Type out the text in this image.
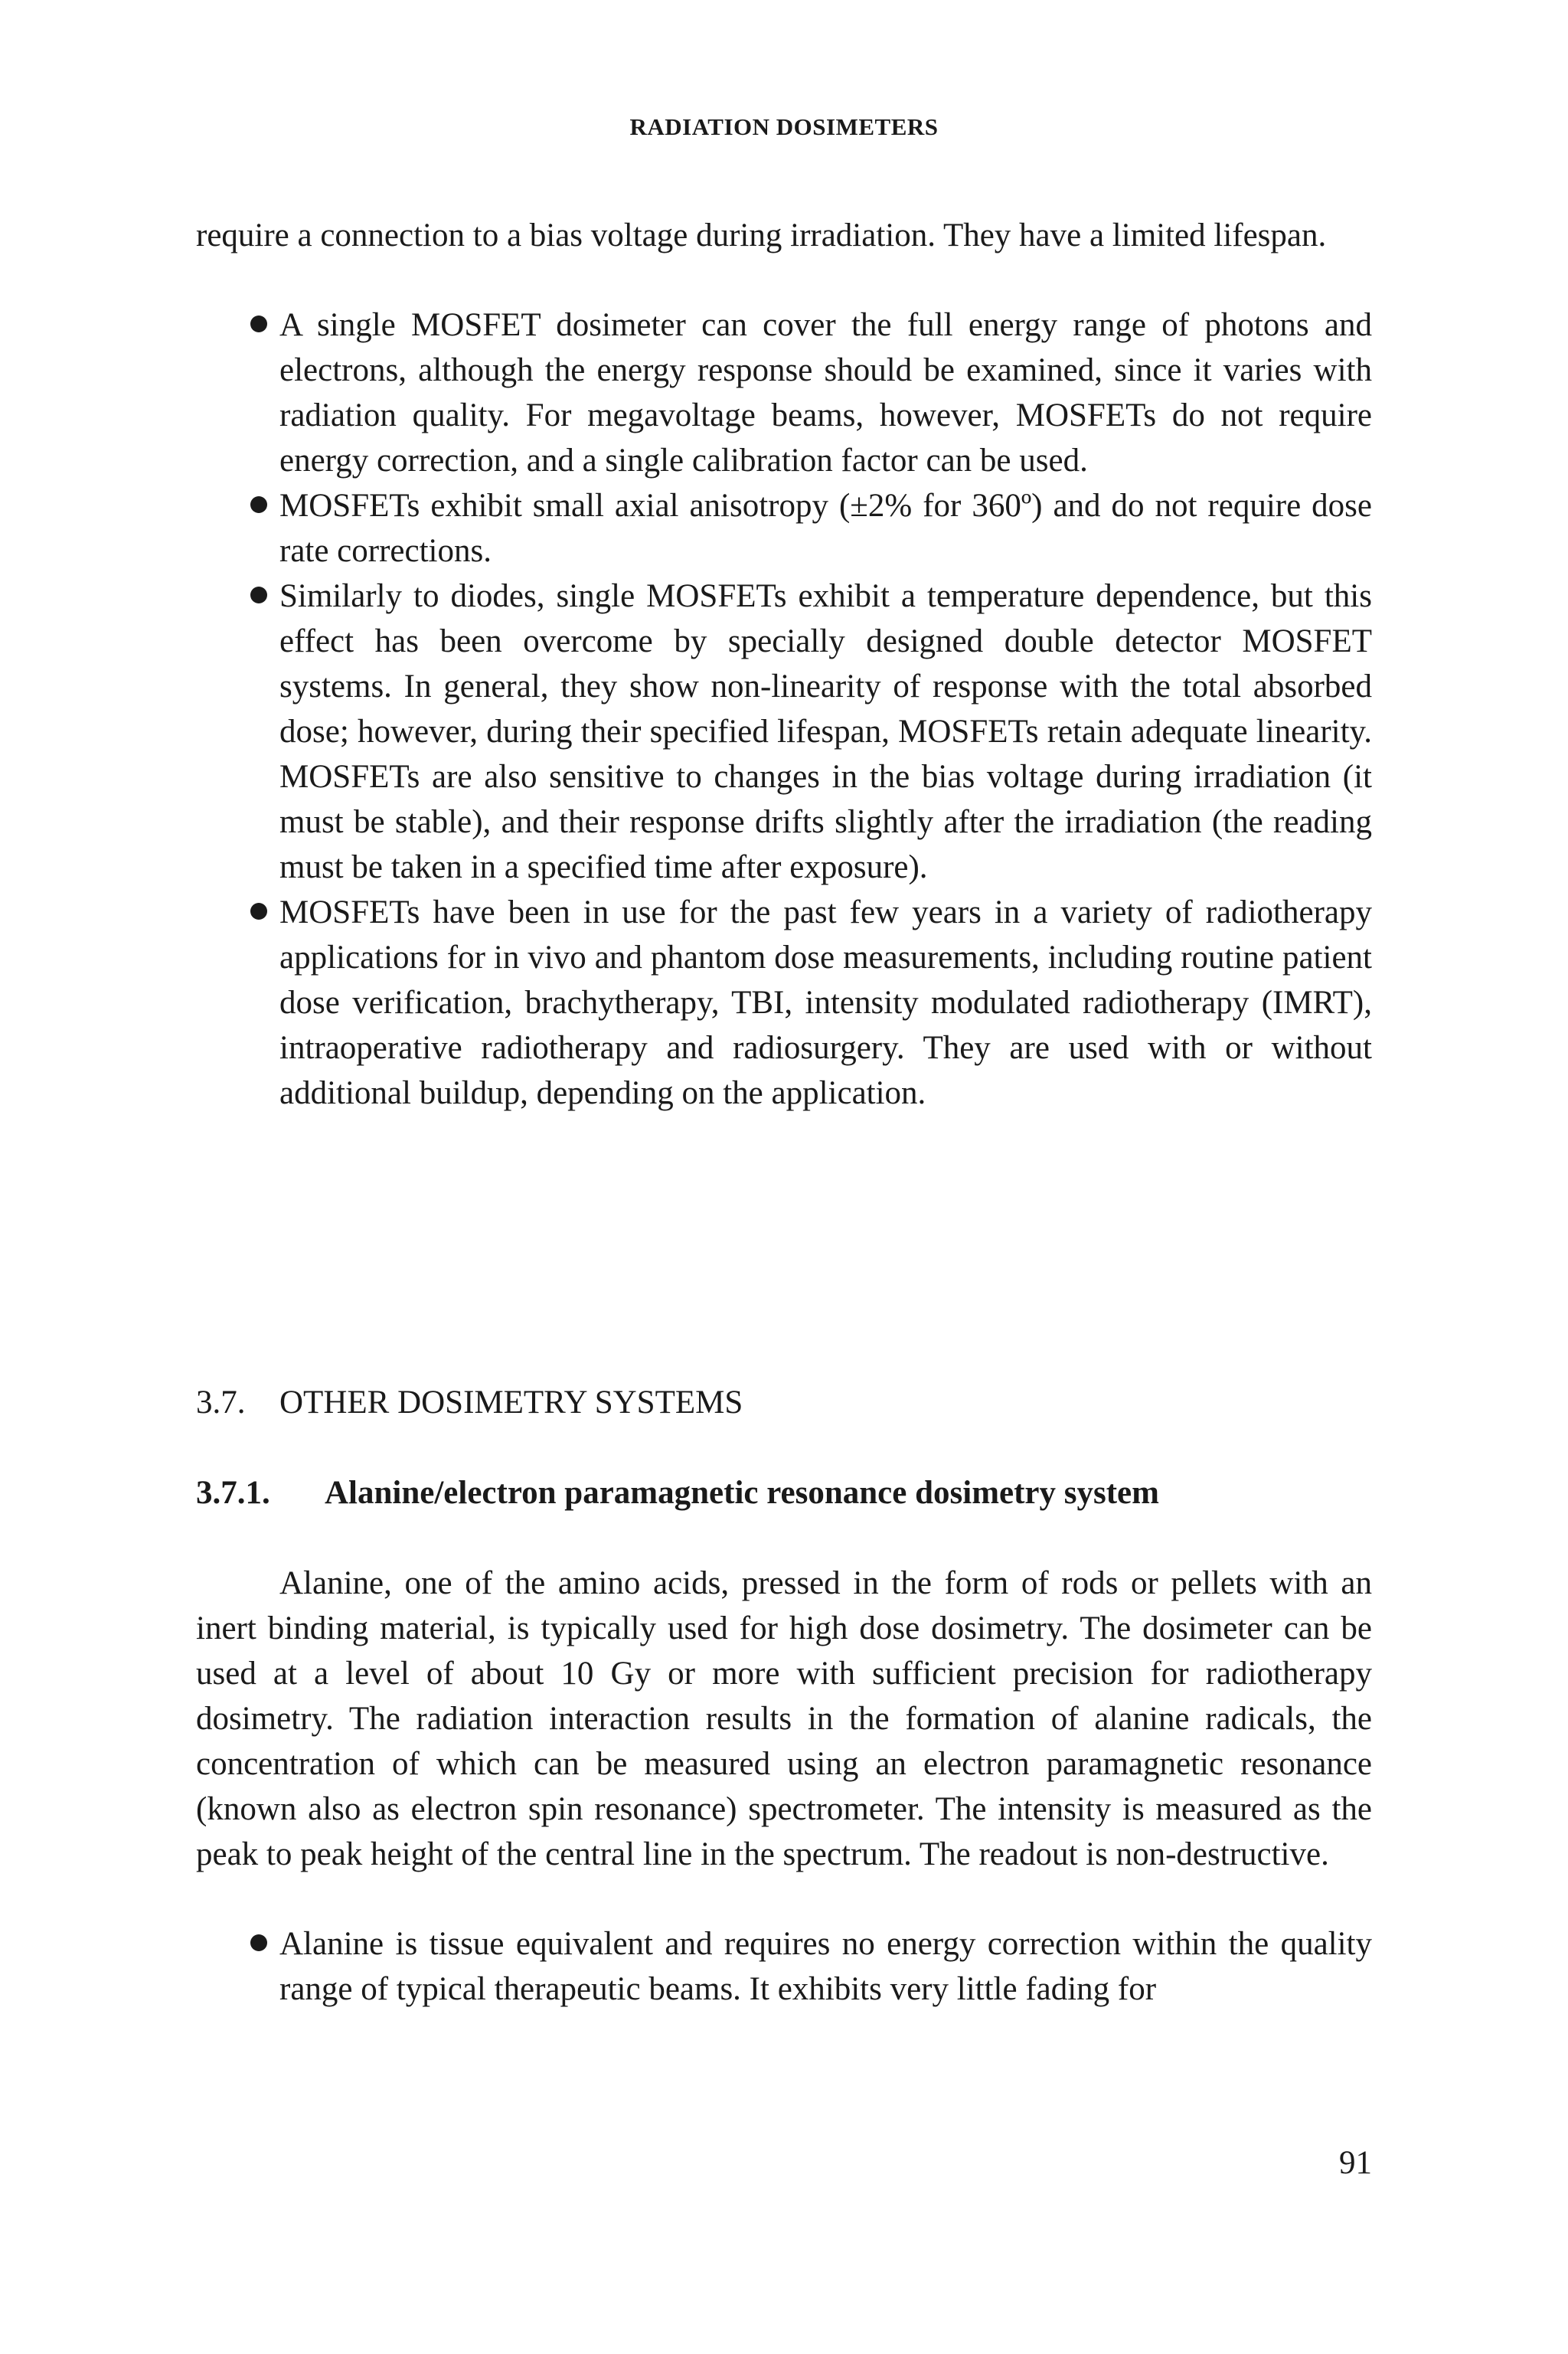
RADIATION DOSIMETERS

require a connection to a bias voltage during irradiation. They have a limited lifespan.

A single MOSFET dosimeter can cover the full energy range of photons and electrons, although the energy response should be examined, since it varies with radiation quality. For megavoltage beams, however, MOSFETs do not require energy correction, and a single calibration factor can be used.
MOSFETs exhibit small axial anisotropy (±2% for 360º) and do not require dose rate corrections.
Similarly to diodes, single MOSFETs exhibit a temperature dependence, but this effect has been overcome by specially designed double detector MOSFET systems. In general, they show non-linearity of response with the total absorbed dose; however, during their specified lifespan, MOSFETs retain adequate linearity. MOSFETs are also sensitive to changes in the bias voltage during irradiation (it must be stable), and their response drifts slightly after the irradiation (the reading must be taken in a specified time after exposure).
MOSFETs have been in use for the past few years in a variety of radiotherapy applications for in vivo and phantom dose measurements, including routine patient dose verification, brachytherapy, TBI, intensity modulated radiotherapy (IMRT), intraoperative radiotherapy and radiosurgery. They are used with or without additional buildup, depending on the application.
3.7. OTHER DOSIMETRY SYSTEMS
3.7.1. Alanine/electron paramagnetic resonance dosimetry system

Alanine, one of the amino acids, pressed in the form of rods or pellets with an inert binding material, is typically used for high dose dosimetry. The dosimeter can be used at a level of about 10 Gy or more with sufficient precision for radiotherapy dosimetry. The radiation interaction results in the formation of alanine radicals, the concentration of which can be measured using an electron paramagnetic resonance (known also as electron spin resonance) spectrometer. The intensity is measured as the peak to peak height of the central line in the spectrum. The readout is non-destructive.

Alanine is tissue equivalent and requires no energy correction within the quality range of typical therapeutic beams. It exhibits very little fading for
91
